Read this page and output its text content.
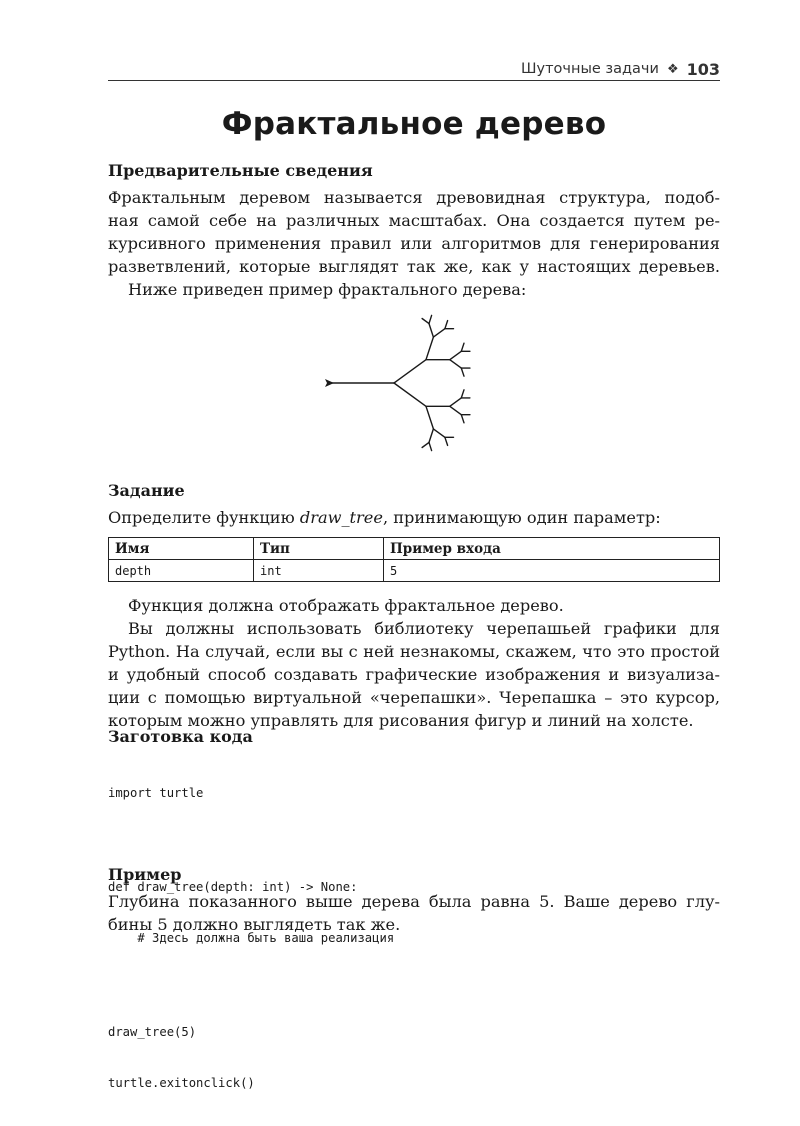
Шуточные задачи ❖ 103
Фрактальное дерево
Предварительные сведения
Фрактальным деревом называется древовидная структура, подоб-
ная самой себе на различных масштабах. Она создается путем ре-
курсивного применения правил или алгоритмов для генерирования
разветвлений, которые выглядят так же, как у настоящих деревьев.
Ниже приведен пример фрактального дерева:
Задание
Определите функцию draw_tree, принимающую один параметр:
Имя	Тип	Пример входа
depth	int	5
Функция должна отображать фрактальное дерево.
Вы должны использовать библиотеку черепашьей графики для
Python. На случай, если вы с ней незнакомы, скажем, что это простой
и удобный способ создавать графические изображения и визуализа-
ции с помощью виртуальной «черепашки». Черепашка – это курсор,
которым можно управлять для рисования фигур и линий на холсте.
Заготовка кода

import turtle

def draw_tree(depth: int) -> None:

# Здесь должна быть ваша реализация

draw_tree(5)

turtle.exitonclick()

Пример
Глубина показанного выше дерева была равна 5. Ваше дерево глу-
бины 5 должно выглядеть так же.
